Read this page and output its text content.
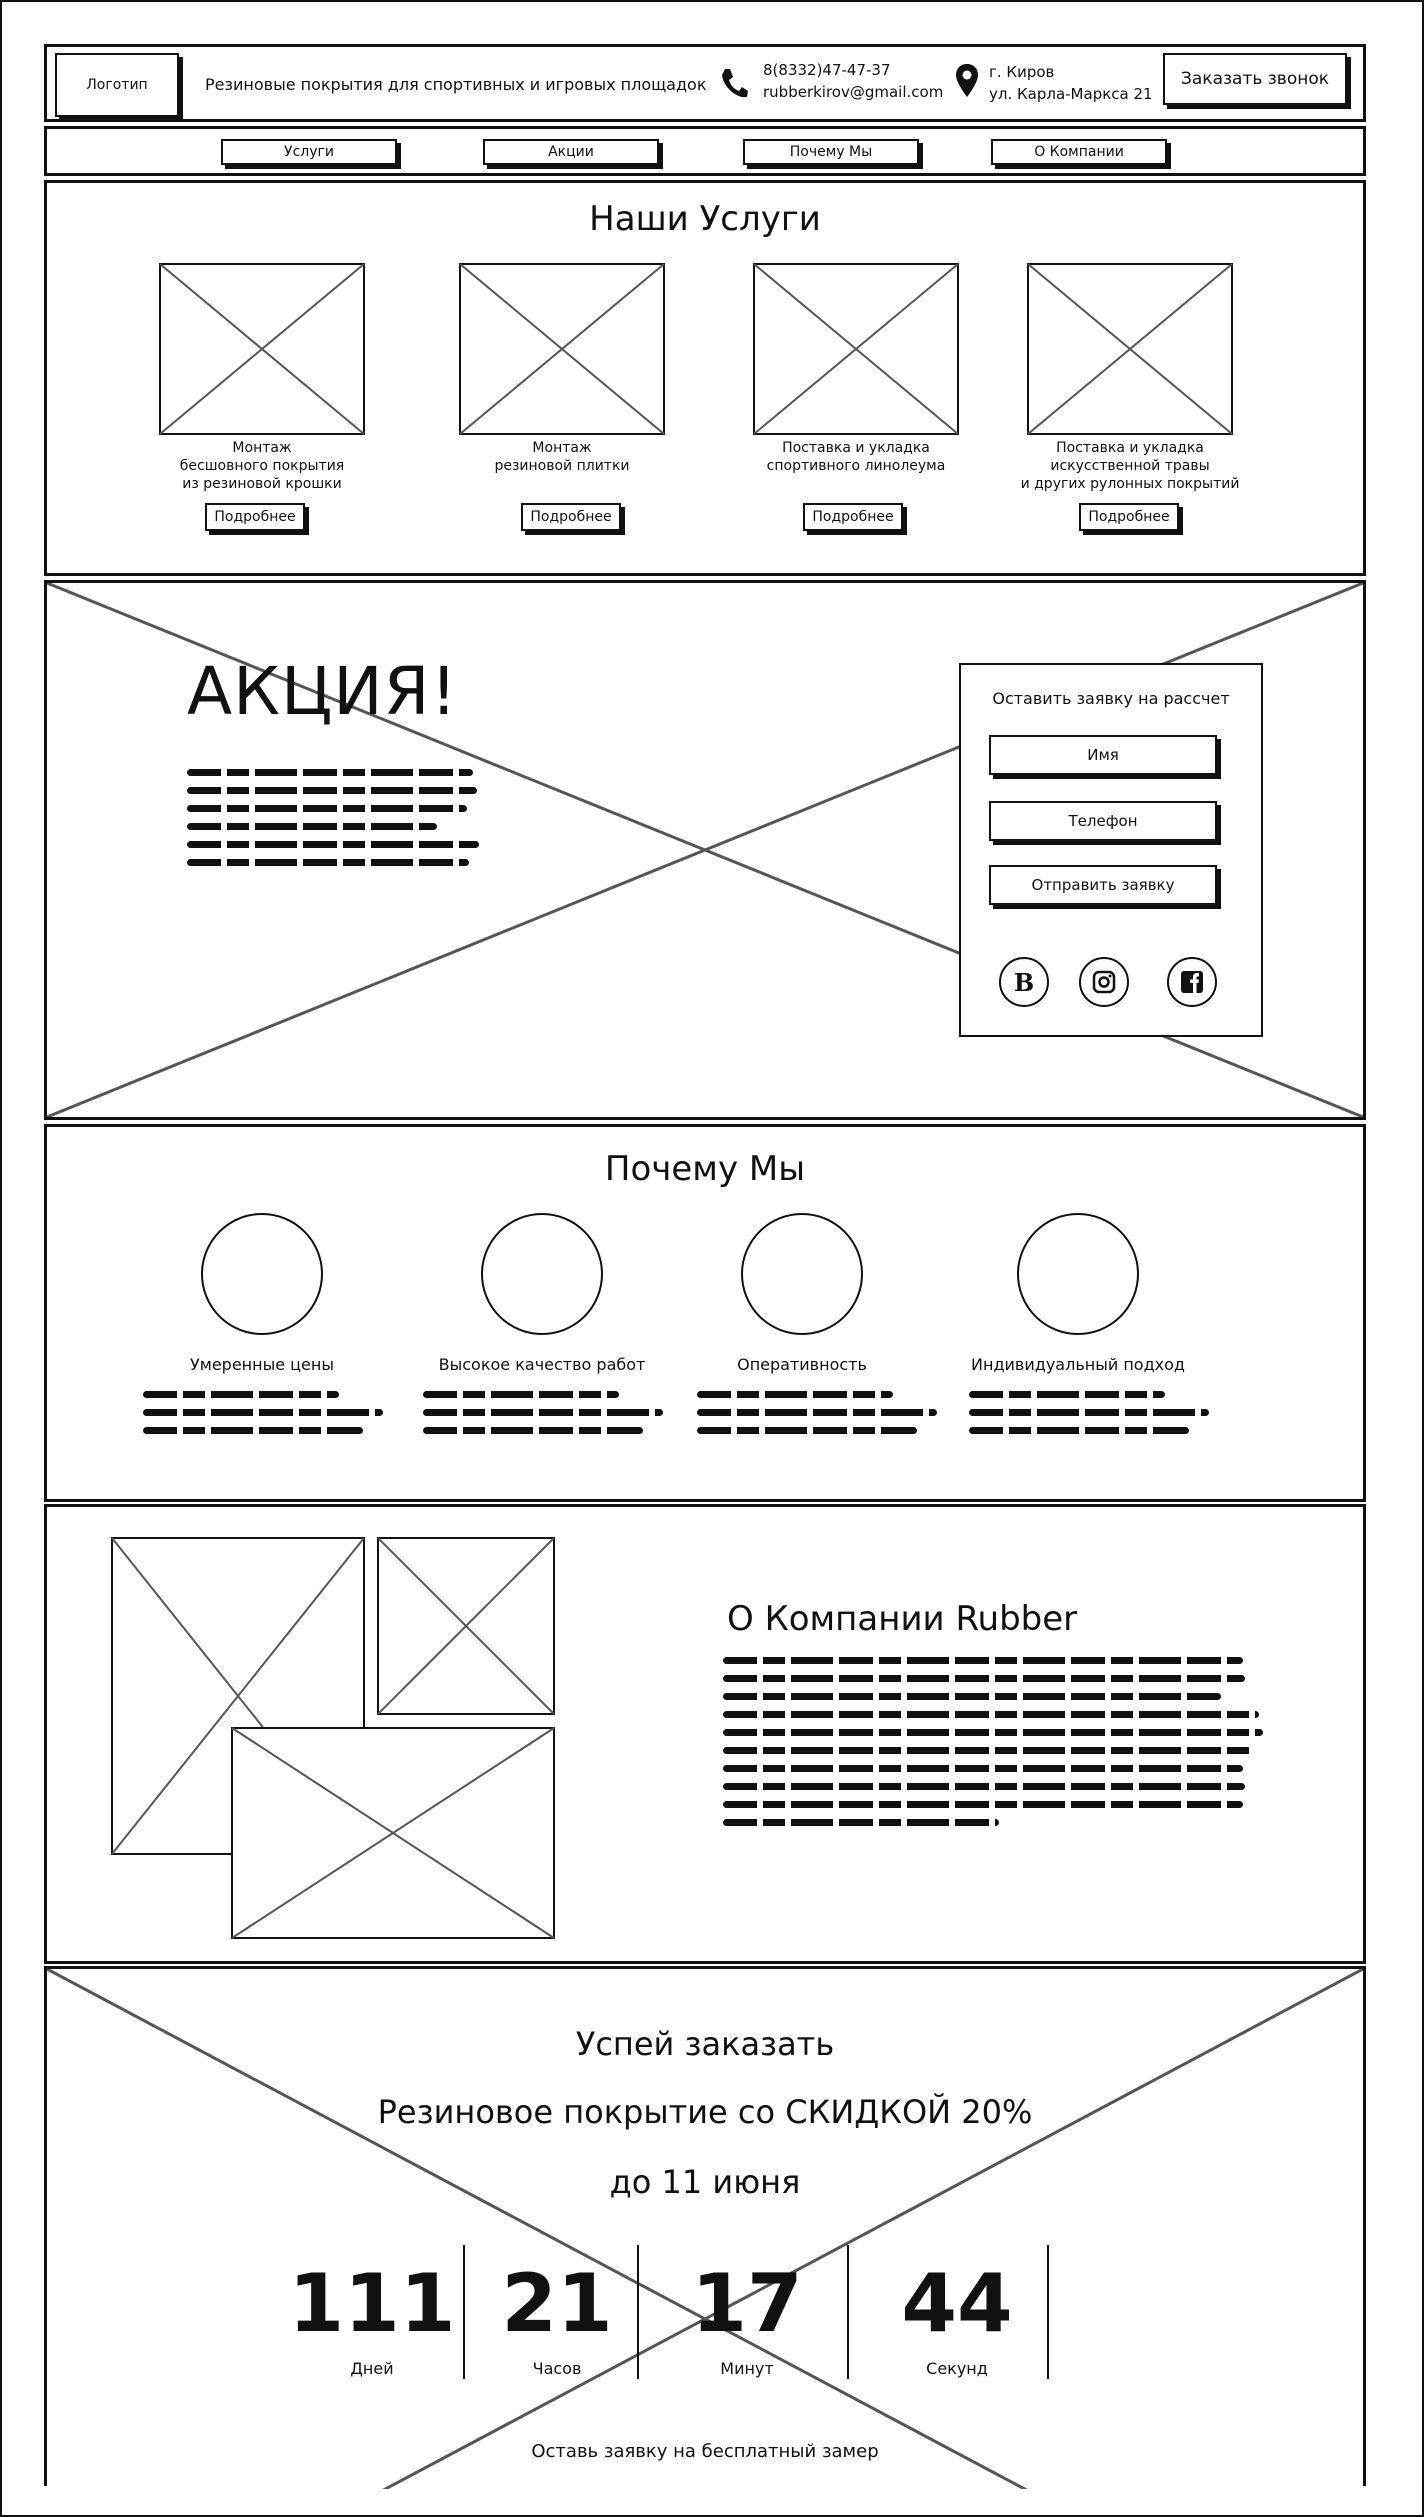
Логотип	Резиновые покрытия для спортивных и игровых площадок
8(8332)47-47-37
rubberkirov@gmail.com
г. Киров
ул. Карла-Маркса 21
Заказать звонок
Услуги	Акции	Почему Мы	О Компании
Наши Услуги
Монтаж
бесшовного покрытия
из резиновой крошки
Подробнее
Монтаж
резиновой плитки
Подробнее
Поставка и укладка
спортивного линолеума
Подробнее
Поставка и укладка
искусственной травы
и других рулонных покрытий
Подробнее
АКЦИЯ!	Оставить заявку на рассчет
Имя
Телефон
Отправить заявку
B
Почему Мы
Умеренные цены	Высокое качество работ	Оперативность	Индивидуальный подход
О Компании Rubber
Успей заказать
Резиновое покрытие со СКИДКОЙ 20%
до 11 июня
111
Дней
21
Часов
17
Минут
44
Секунд
Оставь заявку на бесплатный замер
